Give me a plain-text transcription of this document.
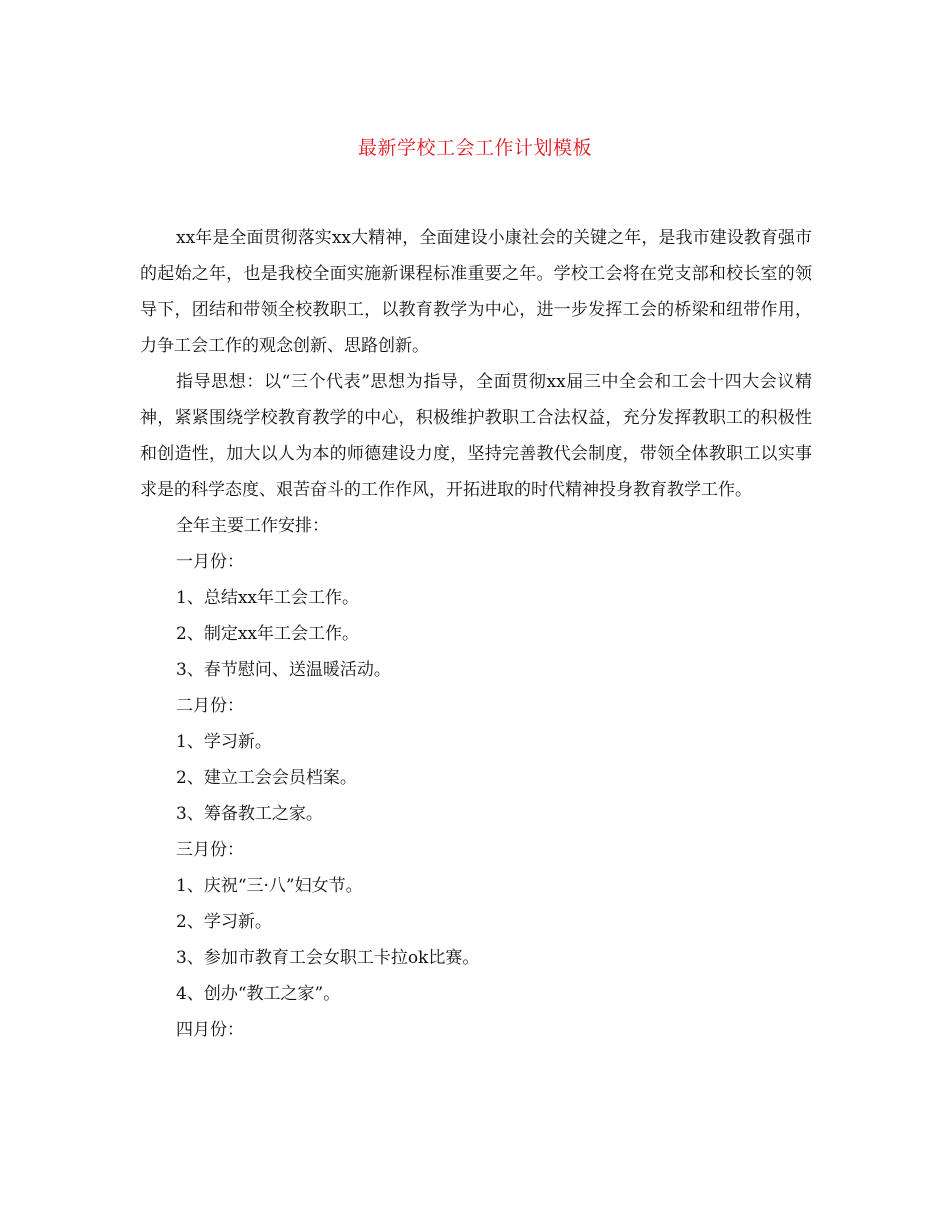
最新学校工会工作计划模板

xx年是全面贯彻落实xx大精神，全面建设小康社会的关键之年，是我市建设教育强市的起始之年，也是我校全面实施新课程标准重要之年。学校工会将在党支部和校长室的领导下，团结和带领全校教职工，以教育教学为中心，进一步发挥工会的桥梁和纽带作用，力争工会工作的观念创新、思路创新。

指导思想：以“三个代表”思想为指导，全面贯彻xx届三中全会和工会十四大会议精神，紧紧围绕学校教育教学的中心，积极维护教职工合法权益，充分发挥教职工的积极性和创造性，加大以人为本的师德建设力度，坚持完善教代会制度，带领全体教职工以实事求是的科学态度、艰苦奋斗的工作作风，开拓进取的时代精神投身教育教学工作。

全年主要工作安排：

一月份：

1、总结xx年工会工作。

2、制定xx年工会工作。

3、春节慰问、送温暖活动。

二月份：

1、学习新。

2、建立工会会员档案。

3、筹备教工之家。

三月份：

1、庆祝“三·八”妇女节。

2、学习新。

3、参加市教育工会女职工卡拉ok比赛。

4、创办“教工之家”。

四月份：
